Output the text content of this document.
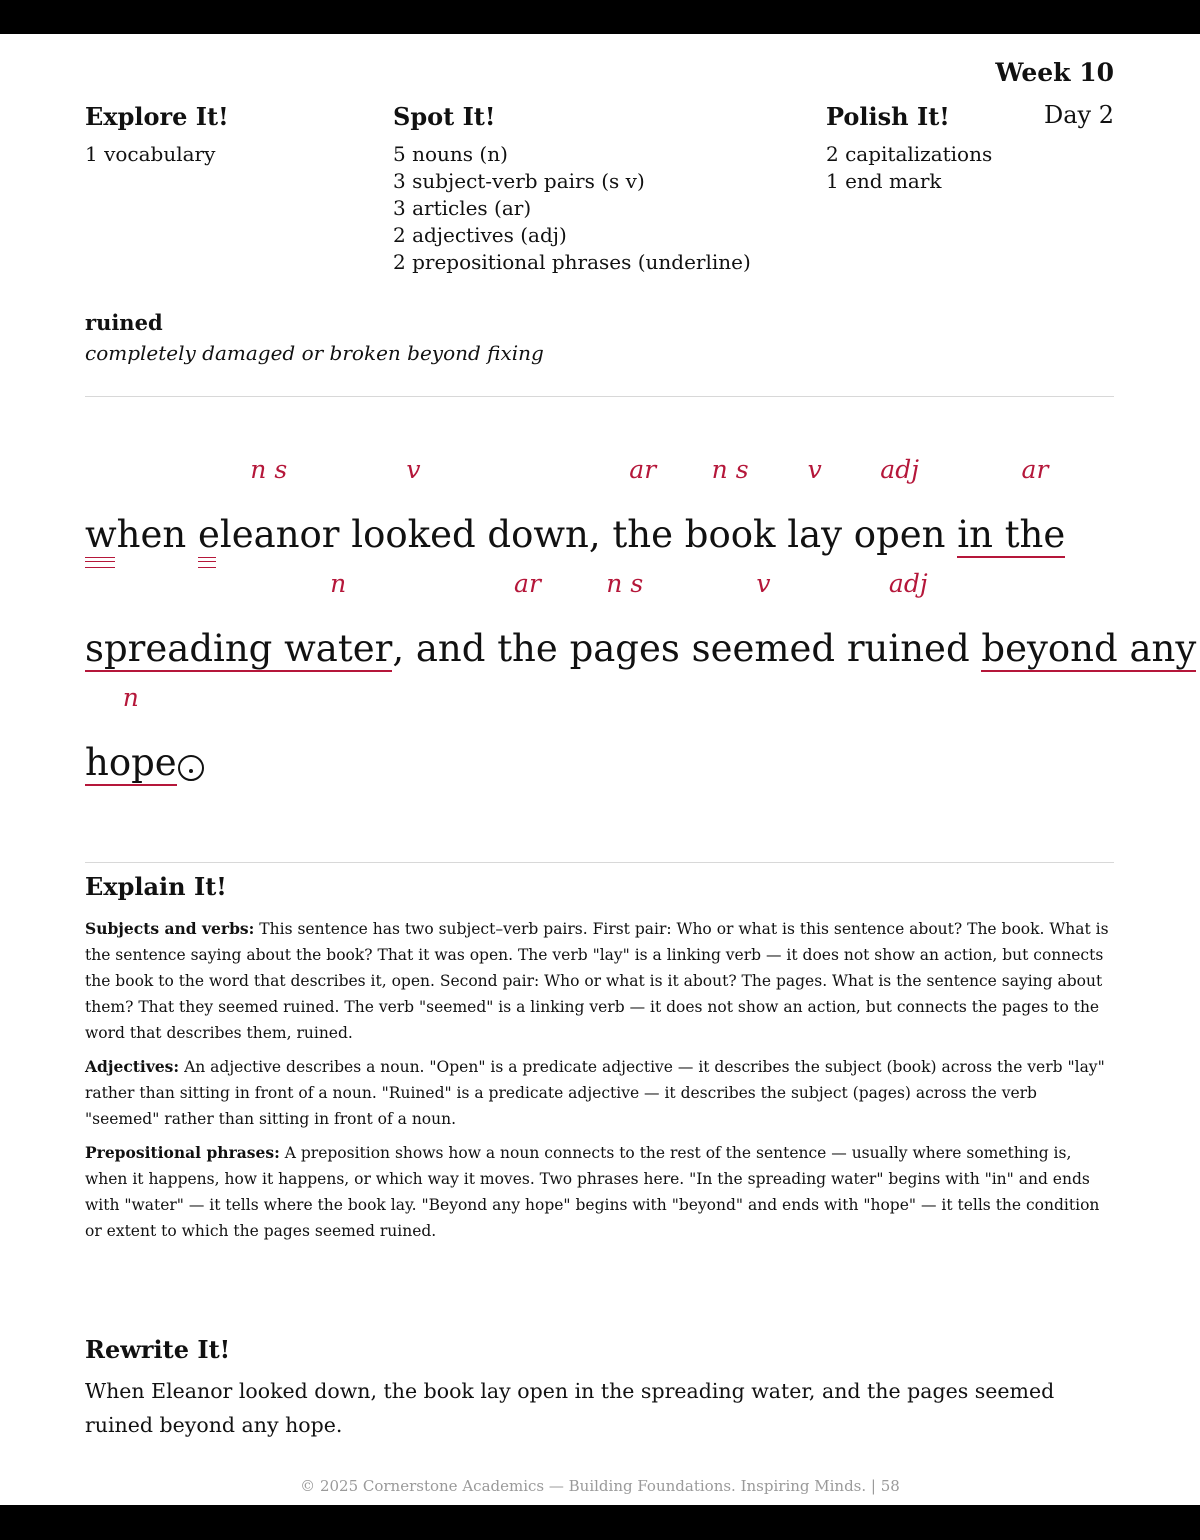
Week 10
Day 2
Explore It!
1 vocabulary
Spot It!
5 nouns (n)
3 subject-verb pairs (s v)
3 articles (ar)
2 adjectives (adj)
2 prepositional phrases (underline)
Polish It!
2 capitalizations
1 end mark
ruined
completely damaged or broken beyond fixing
w
hen
n s
e
leanor
v
looked down,
ar
the
n s
book
v
lay
adj
open in
ar
the
spreading
n
water, and
ar
the
n s
pages
v
seemed
adj
ruined beyond any
n
hope
Explain It!

Subjects and verbs: This sentence has two subject–verb pairs. First pair: Who or what is this sentence about? The book. What is the sentence saying about the book? That it was open. The verb "lay" is a linking verb — it does not show an action, but connects the book to the word that describes it, open. Second pair: Who or what is it about? The pages. What is the sentence saying about them? That they seemed ruined. The verb "seemed" is a linking verb — it does not show an action, but connects the pages to the word that describes them, ruined.

Adjectives: An adjective describes a noun. "Open" is a predicate adjective — it describes the subject (book) across the verb "lay" rather than sitting in front of a noun. "Ruined" is a predicate adjective — it describes the subject (pages) across the verb "seemed" rather than sitting in front of a noun.

Prepositional phrases: A preposition shows how a noun connects to the rest of the sentence — usually where something is, when it happens, how it happens, or which way it moves. Two phrases here. "In the spreading water" begins with "in" and ends with "water" — it tells where the book lay. "Beyond any hope" begins with "beyond" and ends with "hope" — it tells the condition or extent to which the pages seemed ruined.

Rewrite It!
When Eleanor looked down, the book lay open in the spreading water, and the pages seemed ruined beyond any hope.
© 2025 Cornerstone Academics — Building Foundations. Inspiring Minds. | 58
